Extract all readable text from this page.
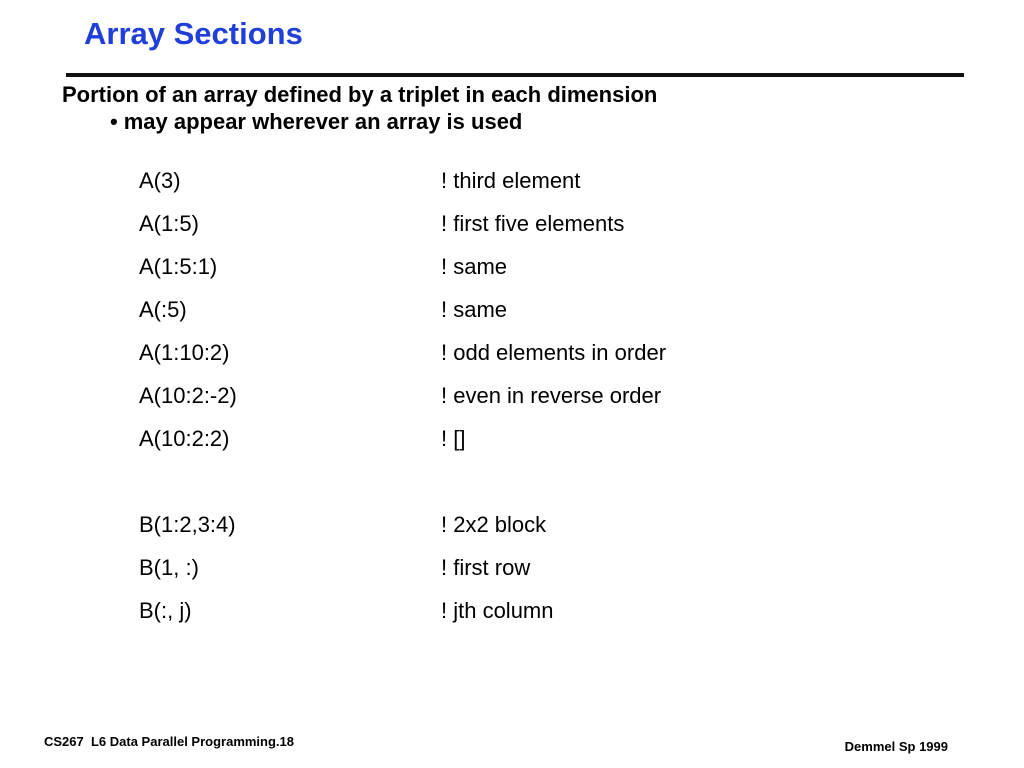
Array Sections
Portion of an array defined by a triplet in each dimension
• may appear wherever an array is used
A(3)	! third element
A(1:5)	! first five elements
A(1:5:1)	! same
A(:5)	! same
A(1:10:2)	! odd elements in order
A(10:2:-2)	! even in reverse order
A(10:2:2)	! []
B(1:2,3:4)	! 2x2 block
B(1, :)	! first row
B(:, j)	! jth column
CS267  L6 Data Parallel Programming.18	Demmel Sp 1999
